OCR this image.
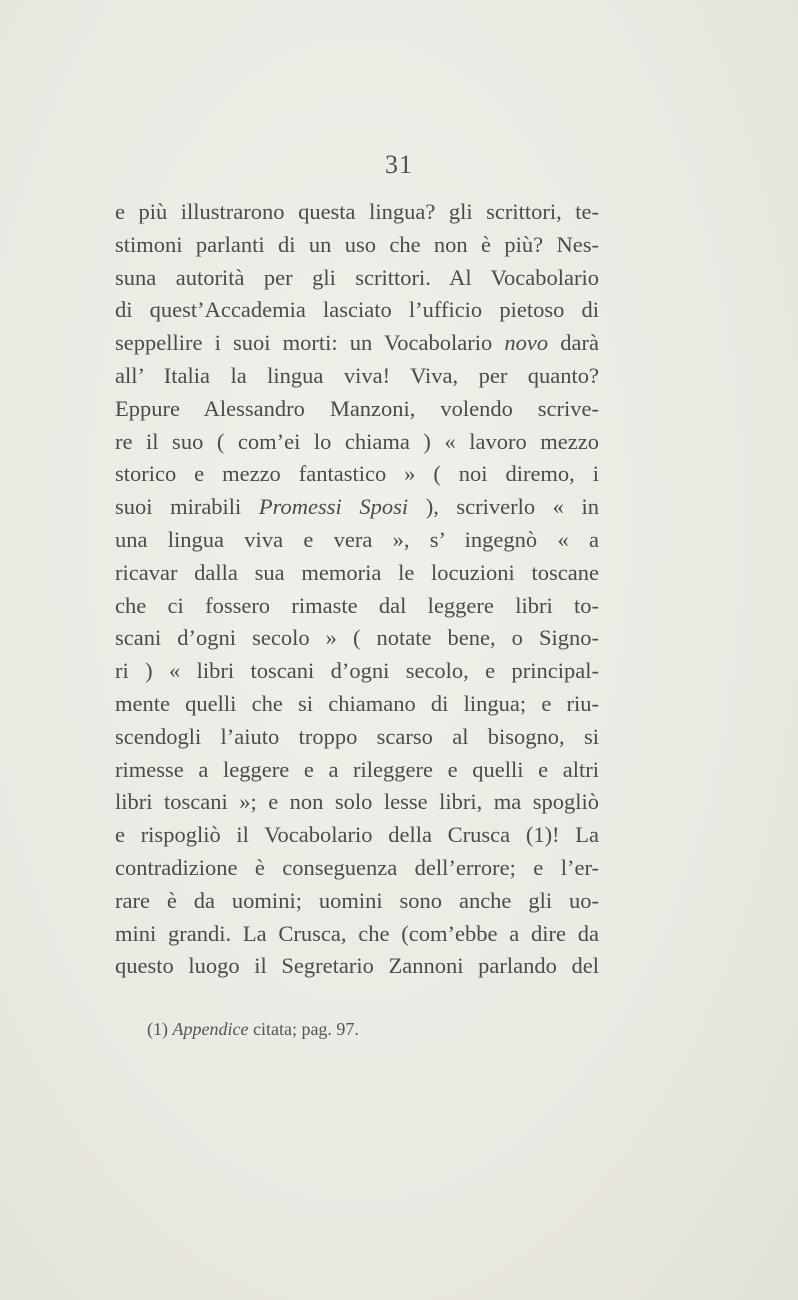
31
e più illustrarono questa lingua? gli scrittori, te-
stimoni parlanti di un uso che non è più? Nes-
suna autorità per gli scrittori. Al Vocabolario
di quest’Accademia lasciato l’ufficio pietoso di
seppellire i suoi morti: un Vocabolario novo darà
all’ Italia la lingua viva! Viva, per quanto?
Eppure Alessandro Manzoni, volendo scrive-
re il suo ( com’ei lo chiama ) « lavoro mezzo
storico e mezzo fantastico » ( noi diremo, i
suoi mirabili Promessi Sposi ), scriverlo « in
una lingua viva e vera », s’ ingegnò « a
ricavar dalla sua memoria le locuzioni toscane
che ci fossero rimaste dal leggere libri to-
scani d’ogni secolo » ( notate bene, o Signo-
ri ) « libri toscani d’ogni secolo, e principal-
mente quelli che si chiamano di lingua; e riu-
scendogli l’aiuto troppo scarso al bisogno, si
rimesse a leggere e a rileggere e quelli e altri
libri toscani »; e non solo lesse libri, ma spogliò
e rispogliò il Vocabolario della Crusca (1)! La
contradizione è conseguenza dell’errore; e l’er-
rare è da uomini; uomini sono anche gli uo-
mini grandi. La Crusca, che (com’ebbe a dire da
questo luogo il Segretario Zannoni parlando del
(1) Appendice citata; pag. 97.
